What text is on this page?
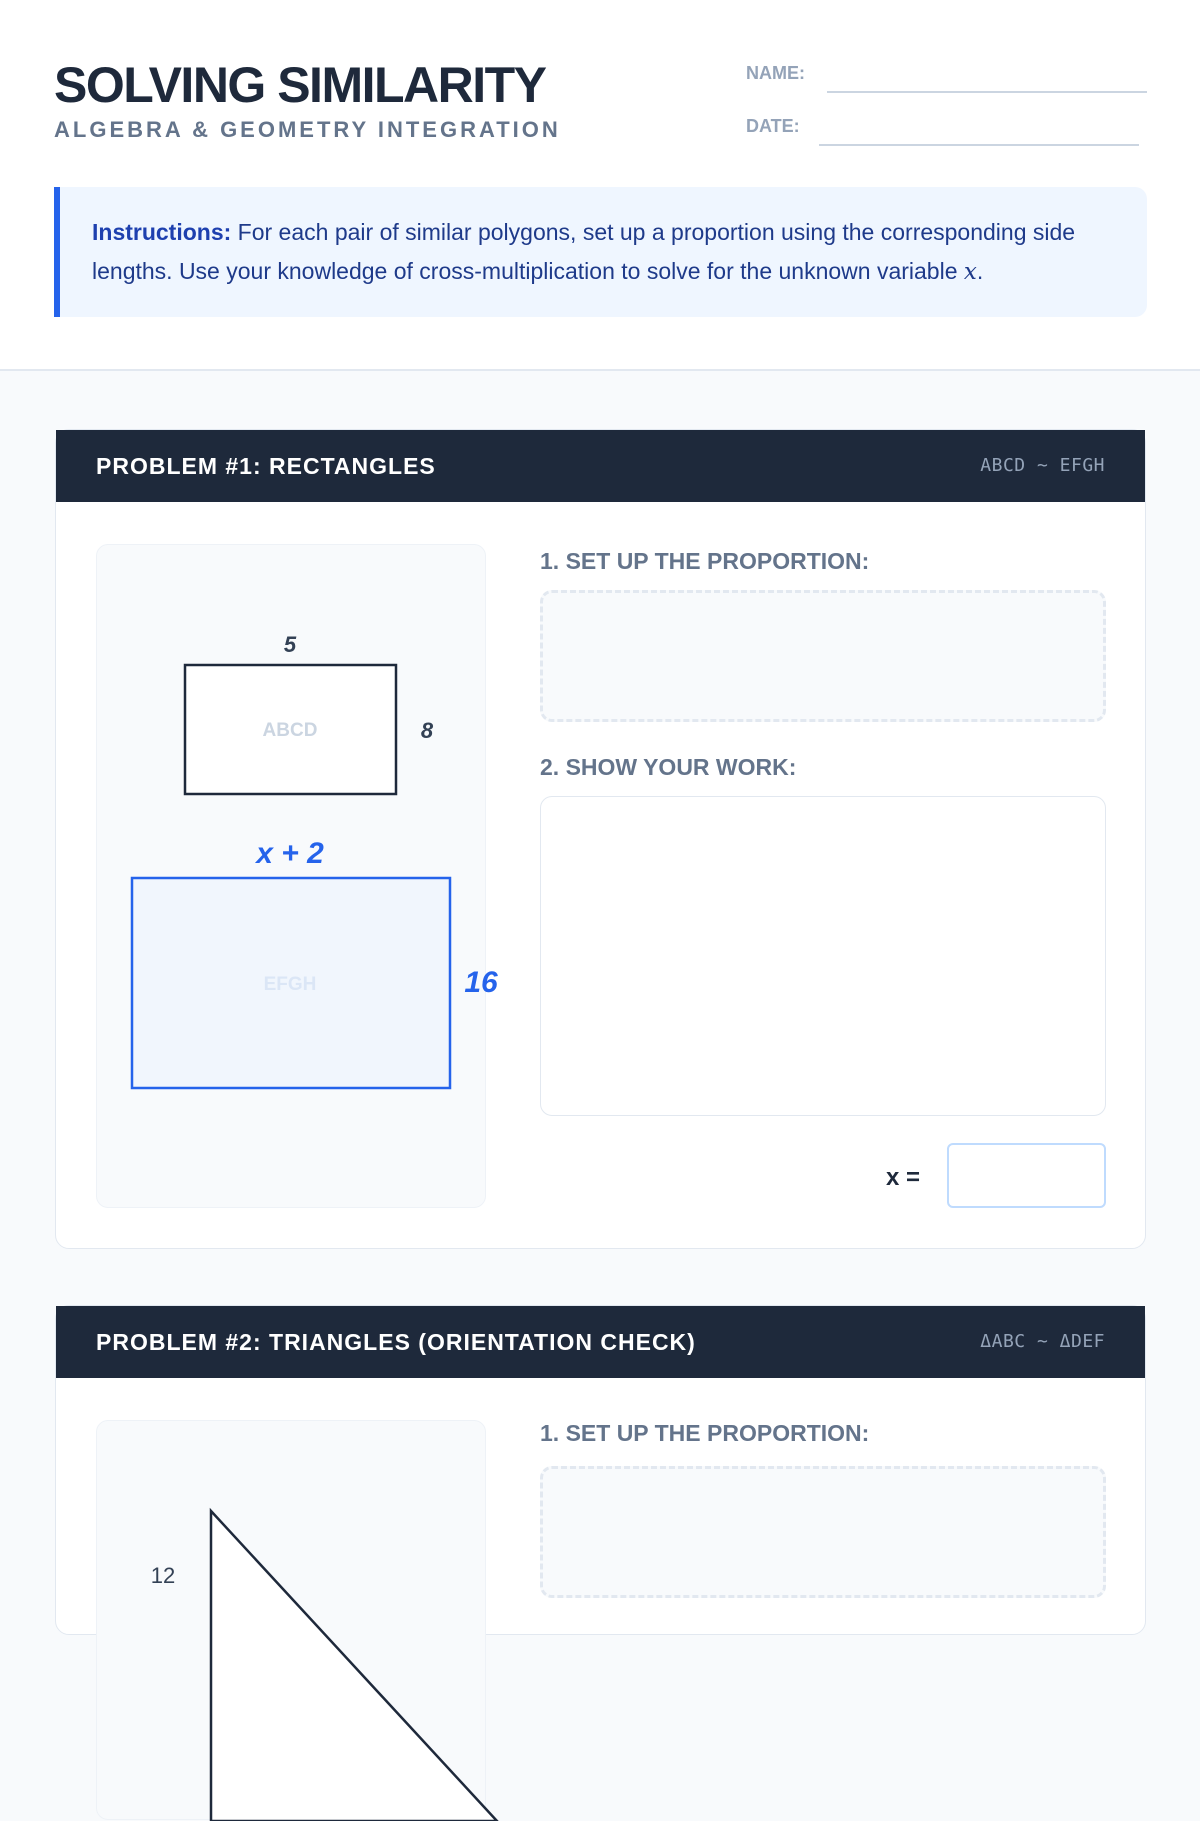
SOLVING SIMILARITY
ALGEBRA & GEOMETRY INTEGRATION
NAME:
DATE:
Instructions: For each pair of similar polygons, set up a proportion using the corresponding side lengths. Use your knowledge of cross-multiplication to solve for the unknown variable x.
PROBLEM #1: RECTANGLES	ABCD ~ EFGH
ABCD
5
8
EFGH
x + 2
16
1. SET UP THE PROPORTION:
2. SHOW YOUR WORK:
x =
PROBLEM #2: TRIANGLES (ORIENTATION CHECK)	ΔABC ~ ΔDEF
12
1. SET UP THE PROPORTION:
